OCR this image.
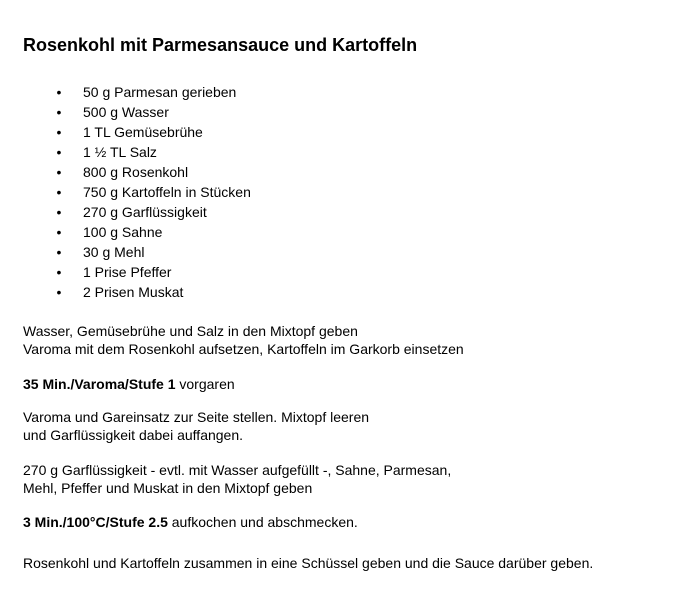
Rosenkohl mit Parmesansauce und Kartoffeln
• 50 g Parmesan gerieben
• 500 g Wasser
• 1 TL Gemüsebrühe
• 1 ½ TL Salz
• 800 g Rosenkohl
• 750 g Kartoffeln in Stücken
• 270 g Garflüssigkeit
• 100 g Sahne
• 30 g Mehl
• 1 Prise Pfeffer
• 2 Prisen Muskat

Wasser, Gemüsebrühe und Salz in den Mixtopf geben
Varoma mit dem Rosenkohl aufsetzen, Kartoffeln im Garkorb einsetzen

35 Min./Varoma/Stufe 1 vorgaren

Varoma und Gareinsatz zur Seite stellen. Mixtopf leeren
und Garflüssigkeit dabei auffangen.

270 g Garflüssigkeit - evtl. mit Wasser aufgefüllt -, Sahne, Parmesan,
Mehl, Pfeffer und Muskat in den Mixtopf geben

3 Min./100°C/Stufe 2.5 aufkochen und abschmecken.

Rosenkohl und Kartoffeln zusammen in eine Schüssel geben und die Sauce darüber geben.
